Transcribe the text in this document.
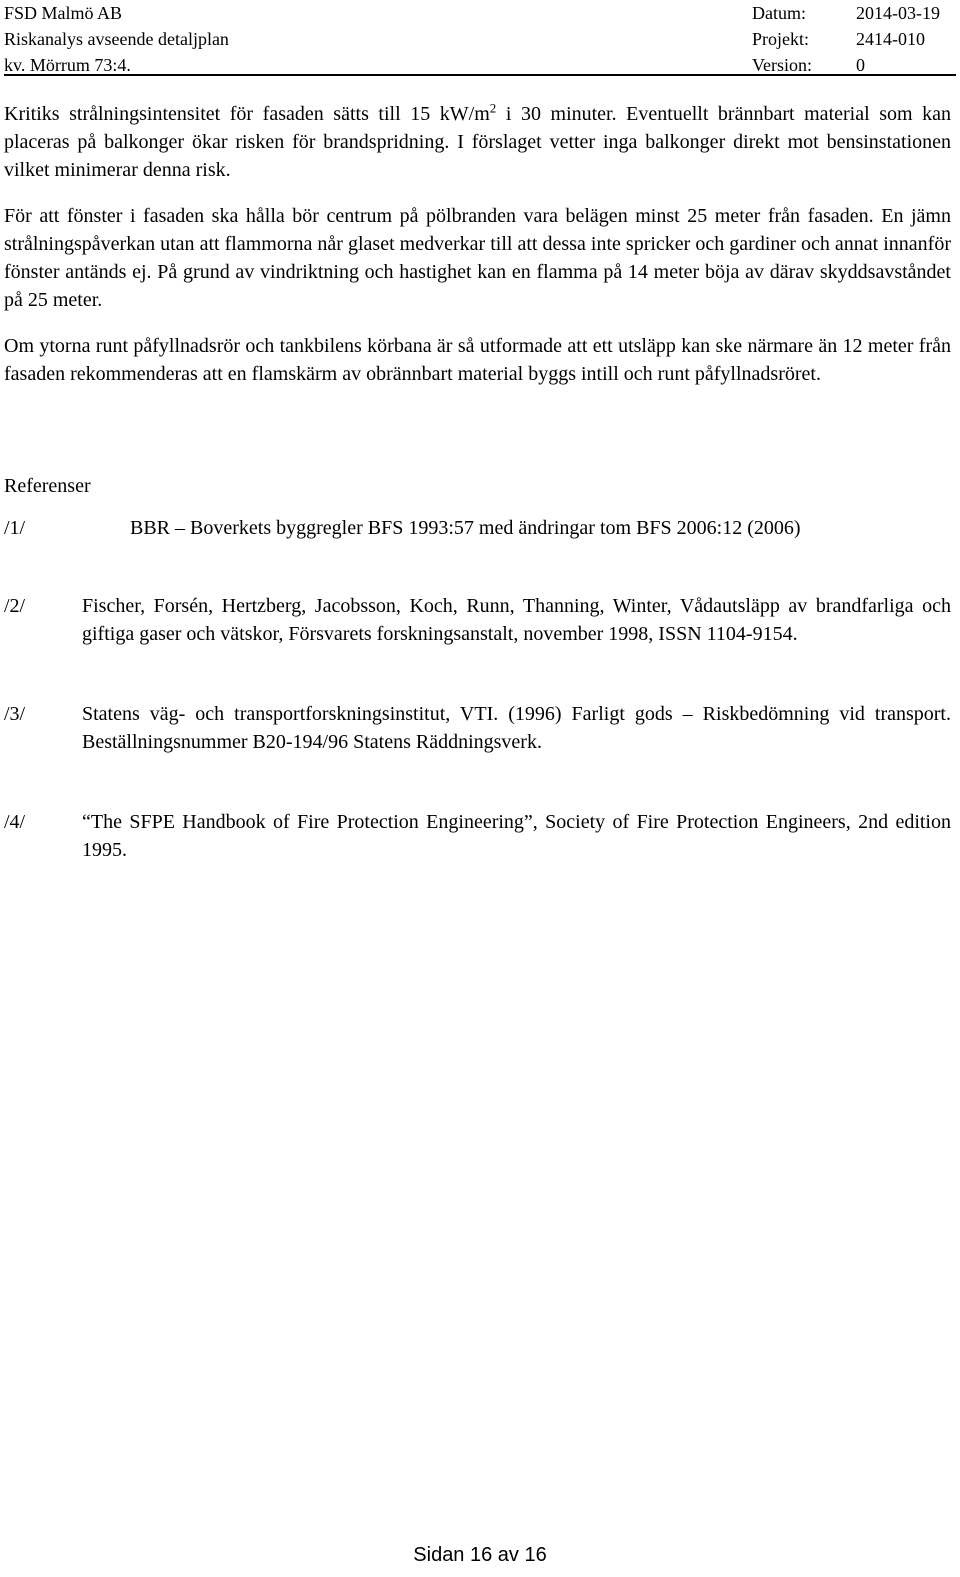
FSD Malmö AB
Riskanalys avseende detaljplan
kv. Mörrum 73:4.
Datum:	2014-03-19
Projekt:	2414-010
Version: 0

Kritiks strålningsintensitet för fasaden sätts till 15 $kW/m^2$ i 30 minuter. Eventuellt brännbart material som kan placeras på balkonger ökar risken för brandspridning. I förslaget vetter inga balkonger direkt mot bensinstationen vilket minimerar denna risk.

För att fönster i fasaden ska hålla bör centrum på pölbranden vara belägen minst 25 meter från fasaden. En jämn strålningspåverkan utan att flammorna når glaset medverkar till att dessa inte spricker och gardiner och annat innanför fönster antänds ej. På grund av vindriktning och hastighet kan en flamma på 14 meter böja av därav skyddsavståndet på 25 meter.

Om ytorna runt påfyllnadsrör och tankbilens körbana är så utformade att ett utsläpp kan ske närmare än 12 meter från fasaden rekommenderas att en flamskärm av obrännbart material byggs intill och runt påfyllnadsröret.

Referenser
/1/	BBR – Boverkets byggregler BFS 1993:57 med ändringar tom BFS 2006:12 (2006)
/2/	Fischer, Forsén, Hertzberg, Jacobsson, Koch, Runn, Thanning, Winter, Vådautsläpp av brandfarliga och giftiga gaser och vätskor, Försvarets forskningsanstalt, november 1998, ISSN 1104-9154.
/3/	Statens väg- och transportforskningsinstitut, VTI. (1996) Farligt gods – Riskbedömning vid transport. Beställningsnummer B20-194/96 Statens Räddningsverk.
/4/	“The SFPE Handbook of Fire Protection Engineering”, Society of Fire Protection Engineers, 2nd edition 1995.
Sidan 16 av 16
